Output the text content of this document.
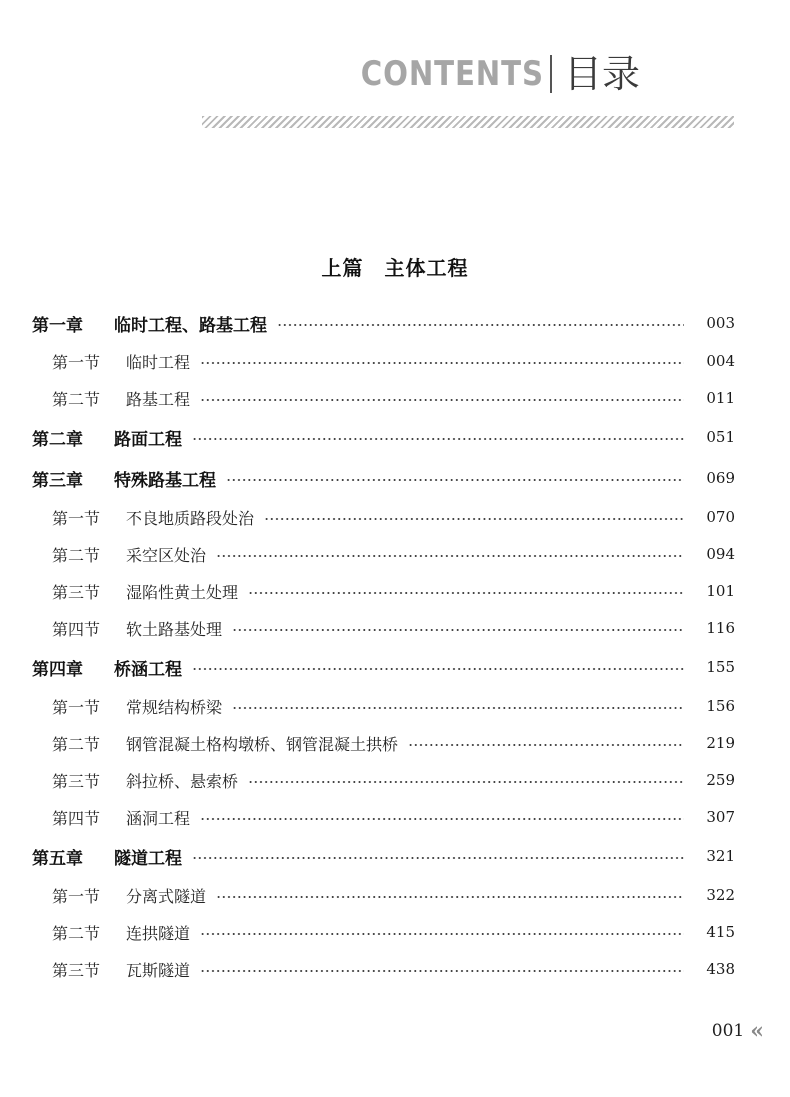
CONTENTS 目录
上篇　主体工程
第一章	临时工程、路基工程	003
第一节	临时工程	004
第二节	路基工程	011
第二章	路面工程	051
第三章	特殊路基工程	069
第一节	不良地质路段处治	070
第二节	采空区处治	094
第三节	湿陷性黄土处理	101
第四节	软土路基处理	116
第四章	桥涵工程	155
第一节	常规结构桥梁	156
第二节	钢管混凝土格构墩桥、钢管混凝土拱桥	219
第三节	斜拉桥、悬索桥	259
第四节	涵洞工程	307
第五章	隧道工程	321
第一节	分离式隧道	322
第二节	连拱隧道	415
第三节	瓦斯隧道	438
001 «
